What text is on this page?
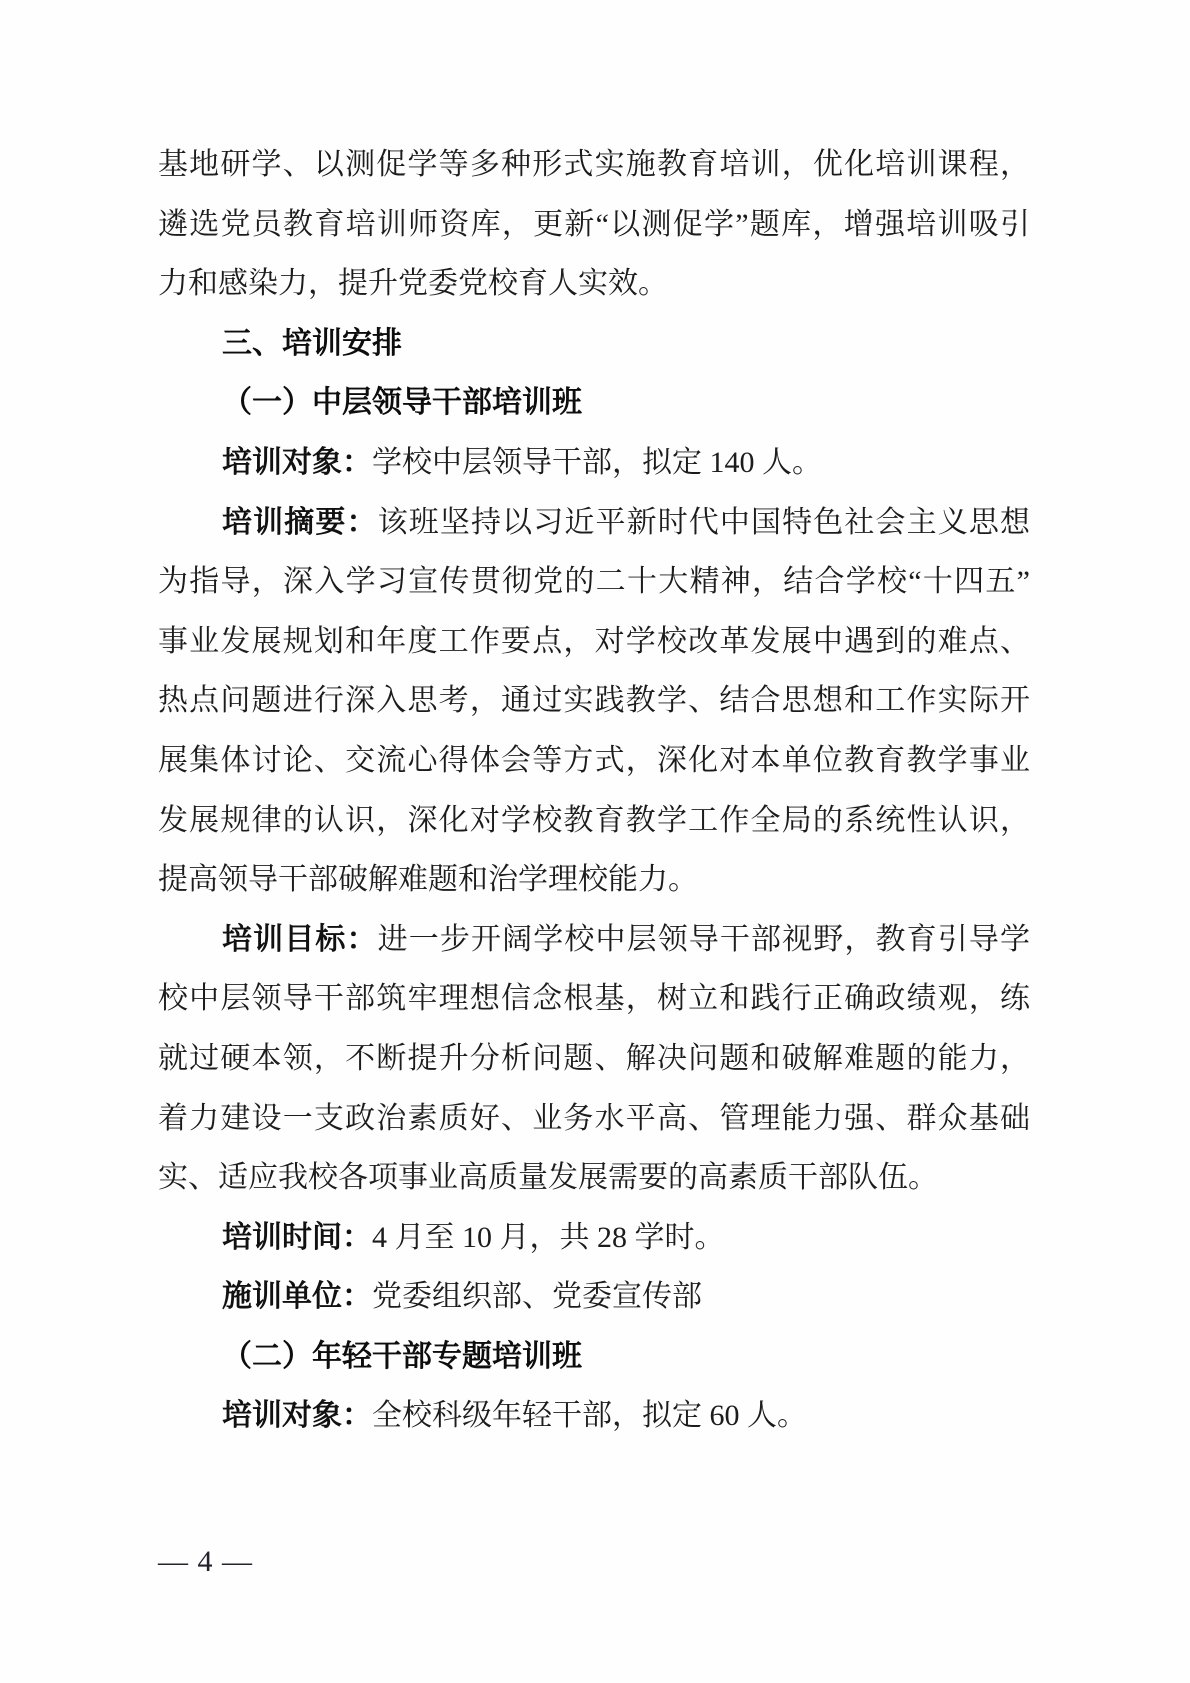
基地研学、以测促学等多种形式实施教育培训，优化培训课程，
遴选党员教育培训师资库，更新“以测促学”题库，增强培训吸引
力和感染力，提升党委党校育人实效。
三、培训安排
（一）中层领导干部培训班
培训对象：学校中层领导干部，拟定 140 人。
培训摘要：该班坚持以习近平新时代中国特色社会主义思想
为指导，深入学习宣传贯彻党的二十大精神，结合学校“十四五”
事业发展规划和年度工作要点，对学校改革发展中遇到的难点、
热点问题进行深入思考，通过实践教学、结合思想和工作实际开
展集体讨论、交流心得体会等方式，深化对本单位教育教学事业
发展规律的认识，深化对学校教育教学工作全局的系统性认识，
提高领导干部破解难题和治学理校能力。
培训目标：进一步开阔学校中层领导干部视野，教育引导学
校中层领导干部筑牢理想信念根基，树立和践行正确政绩观，练
就过硬本领，不断提升分析问题、解决问题和破解难题的能力，
着力建设一支政治素质好、业务水平高、管理能力强、群众基础
实、适应我校各项事业高质量发展需要的高素质干部队伍。
培训时间：4 月至 10 月，共 28 学时。
施训单位：党委组织部、党委宣传部
（二）年轻干部专题培训班
培训对象：全校科级年轻干部，拟定 60 人。
— 4 —
